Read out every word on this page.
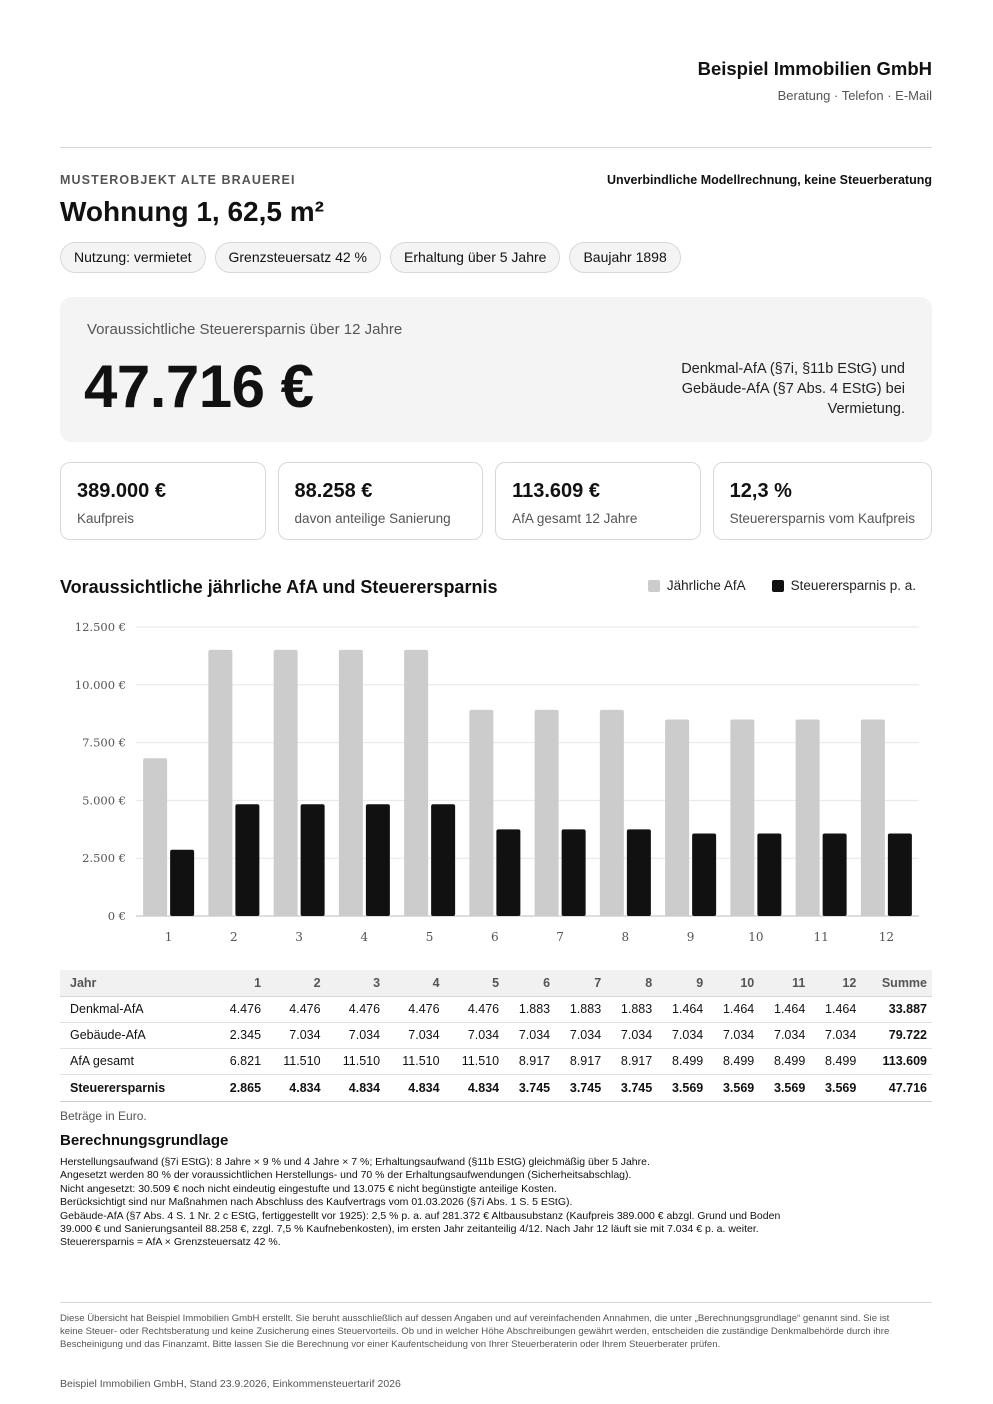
Beispiel Immobilien GmbH
Beratung · Telefon · E-Mail
MUSTEROBJEKT ALTE BRAUEREI	Unverbindliche Modellrechnung, keine Steuerberatung
Wohnung 1, 62,5 m²
Nutzung: vermietet	Grenzsteuersatz 42 %	Erhaltung über 5 Jahre	Baujahr 1898
Voraussichtliche Steuerersparnis über 12 Jahre
47.716 €	Denkmal-AfA (§7i, §11b EStG) und Gebäude-AfA (§7 Abs. 4 EStG) bei Vermietung.
389.000 €
Kaufpreis
88.258 €
davon anteilige Sanierung
113.609 €
AfA gesamt 12 Jahre
12,3 %
Steuerersparnis vom Kaufpreis
Voraussichtliche jährliche AfA und Steuerersparnis	Jährliche AfA	Steuerersparnis p. a.
0 €
2.500 €
5.000 €
7.500 €
10.000 €
12.500 €
1	2	3	4	5	6	7	8	9	10	11	12
Jahr	1	2	3	4	5	6	7	8	9	10	11	12	Summe
Denkmal-AfA	4.476	4.476	4.476	4.476	4.476	1.883	1.883	1.883	1.464	1.464	1.464	1.464	33.887
Gebäude-AfA	2.345	7.034	7.034	7.034	7.034	7.034	7.034	7.034	7.034	7.034	7.034	7.034	79.722
AfA gesamt	6.821	11.510	11.510	11.510	11.510	8.917	8.917	8.917	8.499	8.499	8.499	8.499	113.609
Steuerersparnis	2.865	4.834	4.834	4.834	4.834	3.745	3.745	3.745	3.569	3.569	3.569	3.569	47.716
Beträge in Euro.
Berechnungsgrundlage
Herstellungsaufwand (§7i EStG): 8 Jahre × 9 % und 4 Jahre × 7 %; Erhaltungsaufwand (§11b EStG) gleichmäßig über 5 Jahre.
Angesetzt werden 80 % der voraussichtlichen Herstellungs- und 70 % der Erhaltungsaufwendungen (Sicherheitsabschlag).
Nicht angesetzt: 30.509 € noch nicht eindeutig eingestufte und 13.075 € nicht begünstigte anteilige Kosten.
Berücksichtigt sind nur Maßnahmen nach Abschluss des Kaufvertrags vom 01.03.2026 (§7i Abs. 1 S. 5 EStG).
Gebäude-AfA (§7 Abs. 4 S. 1 Nr. 2 c EStG, fertiggestellt vor 1925): 2,5 % p. a. auf 281.372 € Altbausubstanz (Kaufpreis 389.000 € abzgl. Grund und Boden
39.000 € und Sanierungsanteil 88.258 €, zzgl. 7,5 % Kaufnebenkosten), im ersten Jahr zeitanteilig 4/12. Nach Jahr 12 läuft sie mit 7.034 € p. a. weiter.
Steuerersparnis = AfA × Grenzsteuersatz 42 %.
Diese Übersicht hat Beispiel Immobilien GmbH erstellt. Sie beruht ausschließlich auf dessen Angaben und auf vereinfachenden Annahmen, die unter „Berechnungsgrundlage“ genannt sind. Sie ist keine Steuer- oder Rechtsberatung und keine Zusicherung eines Steuervorteils. Ob und in welcher Höhe Abschreibungen gewährt werden, entscheiden die zuständige Denkmalbehörde durch ihre Bescheinigung und das Finanzamt. Bitte lassen Sie die Berechnung vor einer Kaufentscheidung von Ihrer Steuerberaterin oder Ihrem Steuerberater prüfen.
Beispiel Immobilien GmbH, Stand 23.9.2026, Einkommensteuertarif 2026
